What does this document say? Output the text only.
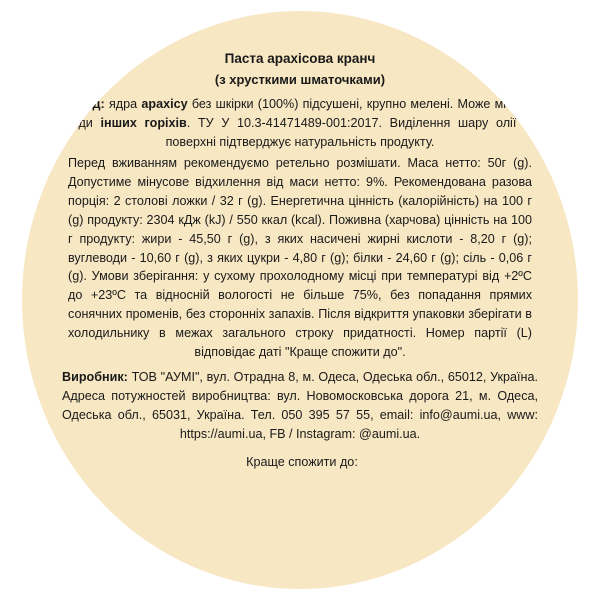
Паста арахісова кранч
(з хрусткими шматочками)
Склад: ядра арахісу без шкірки (100%) підсушені, крупно мелені. Може містити сліди інших горіхів. ТУ У 10.3-41471489-001:2017. Виділення шару олії на поверхні підтверджує натуральність продукту.
Перед вживанням рекомендуємо ретельно розмішати. Маса нетто: 50г (g). Допустиме мінусове відхилення від маси нетто: 9%. Рекомендована разова порція: 2 столові ложки / 32 г (g). Енергетична цінність (калорійність) на 100 г (g) продукту: 2304 кДж (kJ) / 550 ккал (kcal). Поживна (харчова) цінність на 100 г продукту: жири - 45,50 г (g), з яких насичені жирні кислоти - 8,20 г (g); вуглеводи - 10,60 г (g), з яких цукри - 4,80 г (g); білки - 24,60 г (g); сіль - 0,06 г (g). Умови зберігання: у сухому прохолодному місці при температурі від +2ºС до +23ºС та відносній вологості не більше 75%, без попадання прямих сонячних променів, без сторонніх запахів. Після відкриття упаковки зберігати в холодильнику в межах загального строку придатності. Номер партії (L) відповідає даті "Краще спожити до".
Виробник: ТОВ "АУМІ", вул. Отрадна 8, м. Одеса, Одеська обл., 65012, Україна. Адреса потужностей виробництва: вул. Новомосковська дорога 21, м. Одеса, Одеська обл., 65031, Україна. Тел. 050 395 57 55, email: info@aumi.ua, www: https://aumi.ua, FB / Instagram: @aumi.ua.
Краще спожити до:
